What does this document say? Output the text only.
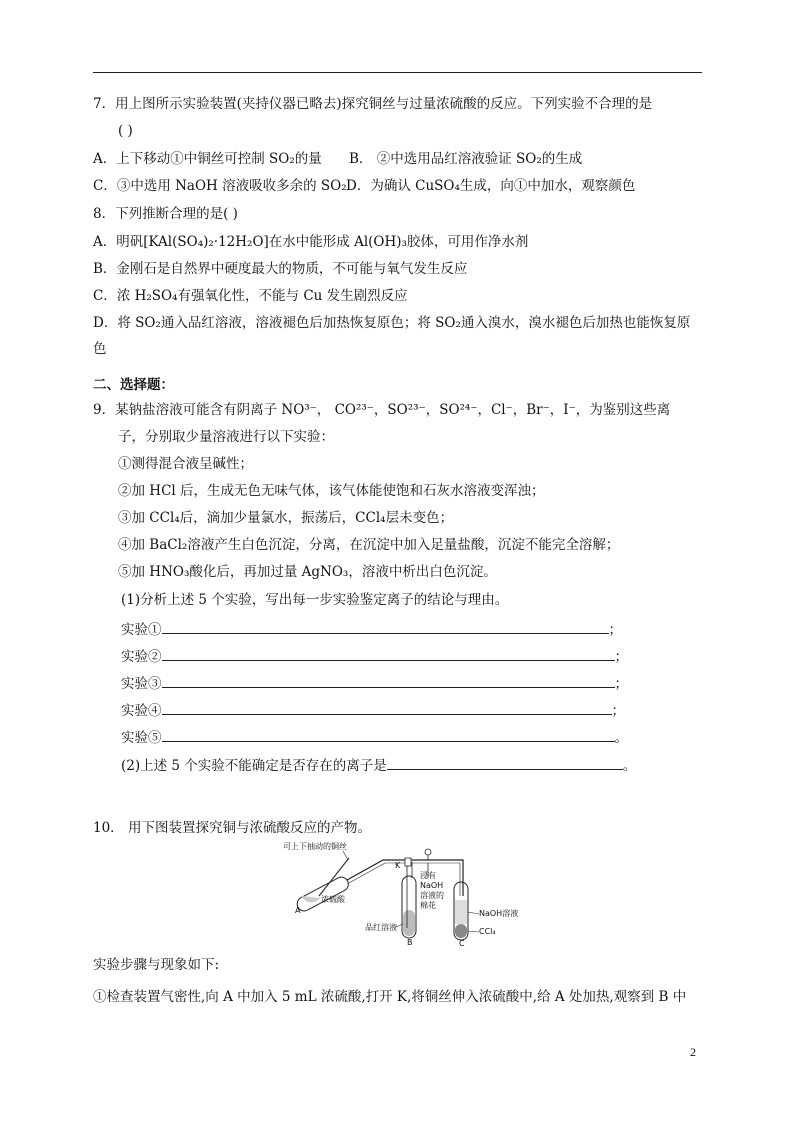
7．用上图所示实验装置(夹持仪器已略去)探究铜丝与过量浓硫酸的反应。下列实验不合理的是
( )
A．上下移动①中铜丝可控制 SO₂的量 B． ②中选用品红溶液验证 SO₂的生成
C．③中选用 NaOH 溶液吸收多余的 SO₂ D．为确认 CuSO₄生成，向①中加水，观察颜色
8．下列推断合理的是( )
A．明矾[KAl(SO₄)₂·12H₂O]在水中能形成 Al(OH)₃胶体，可用作净水剂
B．金刚石是自然界中硬度最大的物质，不可能与氧气发生反应
C．浓 H₂SO₄有强氧化性，不能与 Cu 发生剧烈反应
D．将 SO₂通入品红溶液，溶液褪色后加热恢复原色；将 SO₂通入溴水，溴水褪色后加热也能恢复原
色
二、选择题：
9．某钠盐溶液可能含有阴离子 NO³⁻， CO²³⁻，SO²³⁻，SO²⁴⁻，Cl⁻，Br⁻，I⁻，为鉴别这些离
子，分别取少量溶液进行以下实验：
①测得混合液呈碱性；
②加 HCl 后，生成无色无味气体，该气体能使饱和石灰水溶液变浑浊；
③加 CCl₄后，滴加少量氯水，振荡后，CCl₄层未变色；
④加 BaCl₂溶液产生白色沉淀，分离，在沉淀中加入足量盐酸，沉淀不能完全溶解；
⑤加 HNO₃酸化后，再加过量 AgNO₃，溶液中析出白色沉淀。
(1)分析上述 5 个实验，写出每一步实验鉴定离子的结论与理由。
实验①	；
实验②	；
实验③	；
实验④	；
实验⑤	。
(2)上述 5 个实验不能确定是否存在的离子是	。
10． 用下图装置探究铜与浓硫酸反应的产物。
可上下抽动的铜丝
K
浸有
NaOH
溶液的
棉花
浓硫酸
A
品红溶液
B
NaOH溶液
CCl₄
C
实验步骤与现象如下:
①检查装置气密性,向 A 中加入 5 mL 浓硫酸,打开 K,将铜丝伸入浓硫酸中,给 A 处加热,观察到 B 中
2
